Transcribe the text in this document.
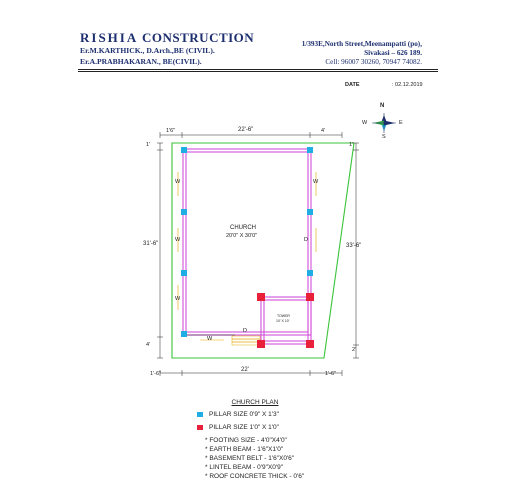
RISHIA CONSTRUCTION
Er.M.KARTHICK., D.Arch.,BE (CIVIL).
Er.A.PRABHAKARAN., BE(CIVIL).
1/393E,North Street,Meenampatti (po),
Sivakasi – 626 189.
Cell: 96007 30260, 70947 74082.
DATE	: 02.12.2019
N
W	E
S
1'6"	22'-6"	4'
1'
31'-6"
4'
1'
33'-6"
2'
1'-6"
22'
1'-6"
CHURCH
20'0" X 30'0"
TOWER
10' X 10'
W
W
W
W
W
D
D
CHURCH PLAN
PILLAR SIZE 0'9" X 1'3"
PILLAR SIZE 1'0" X 1'0"
* FOOTING SIZE - 4'0"X4'0"
* EARTH BEAM - 1'6"X1'0"
* BASEMENT BELT - 1'6"X0'6"
* LINTEL BEAM - 0'9"X0'9"
* ROOF CONCRETE THICK - 0'6"
